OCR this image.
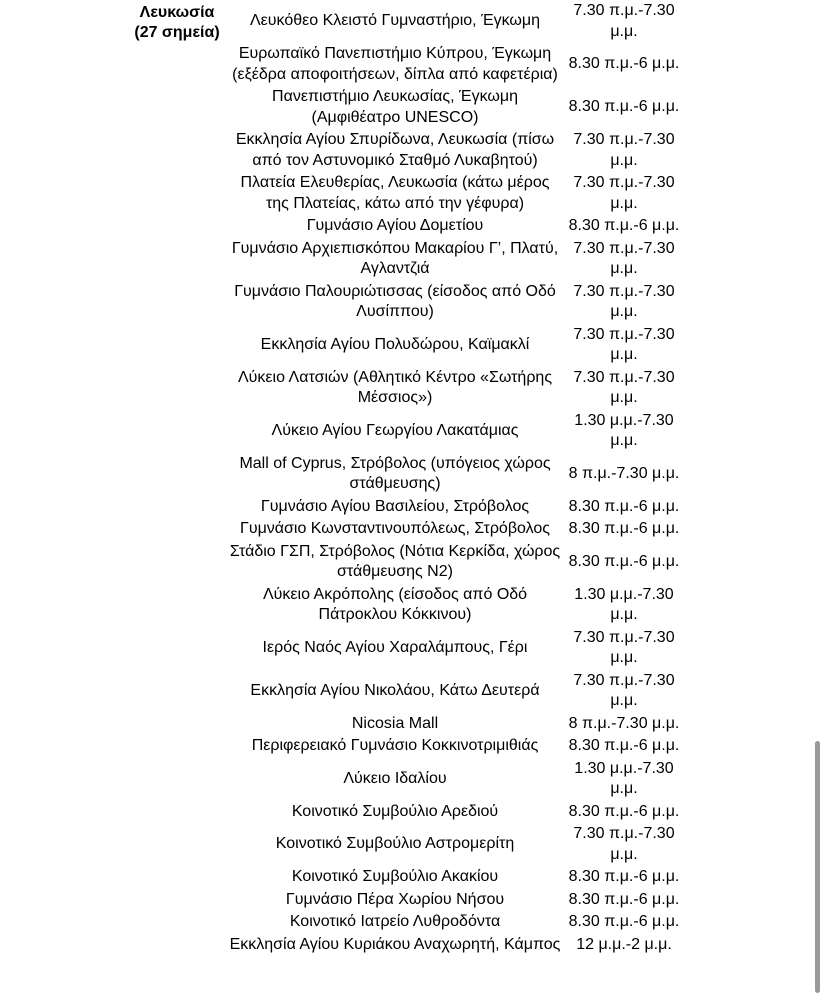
Λευκωσία
(27 σημεία)
Λευκόθεο Κλειστό Γυμναστήριο, Έγκωμη	7.30 π.μ.-7.30 μ.μ.
Ευρωπαϊκό Πανεπιστήμιο Κύπρου, Έγκωμη (εξέδρα αποφοιτήσεων, δίπλα από καφετέρια)	8.30 π.μ.-6 μ.μ.
Πανεπιστήμιο Λευκωσίας, Έγκωμη (Αμφιθέατρο UNESCO)	8.30 π.μ.-6 μ.μ.
Εκκλησία Αγίου Σπυρίδωνα, Λευκωσία (πίσω από τον Αστυνομικό Σταθμό Λυκαβητού)	7.30 π.μ.-7.30 μ.μ.
Πλατεία Ελευθερίας, Λευκωσία (κάτω μέρος της Πλατείας, κάτω από την γέφυρα)	7.30 π.μ.-7.30 μ.μ.
Γυμνάσιο Αγίου Δομετίου	8.30 π.μ.-6 μ.μ.
Γυμνάσιο Αρχιεπισκόπου Μακαρίου Γ’, Πλατύ, Αγλαντζιά	7.30 π.μ.-7.30 μ.μ.
Γυμνάσιο Παλουριώτισσας (είσοδος από Οδό Λυσίππου)	7.30 π.μ.-7.30 μ.μ.
Εκκλησία Αγίου Πολυδώρου, Καϊμακλί	7.30 π.μ.-7.30 μ.μ.
Λύκειο Λατσιών (Αθλητικό Κέντρο «Σωτήρης Μέσσιος»)	7.30 π.μ.-7.30 μ.μ.
Λύκειο Αγίου Γεωργίου Λακατάμιας	1.30 μ.μ.-7.30 μ.μ.
Mall of Cyprus, Στρόβολος (υπόγειος χώρος στάθμευσης)	8 π.μ.-7.30 μ.μ.
Γυμνάσιο Αγίου Βασιλείου, Στρόβολος	8.30 π.μ.-6 μ.μ.
Γυμνάσιο Κωνσταντινουπόλεως, Στρόβολος	8.30 π.μ.-6 μ.μ.
Στάδιο ΓΣΠ, Στρόβολος (Νότια Κερκίδα, χώρος στάθμευσης Ν2)	8.30 π.μ.-6 μ.μ.
Λύκειο Ακρόπολης (είσοδος από Οδό Πάτροκλου Κόκκινου)	1.30 μ.μ.-7.30 μ.μ.
Ιερός Ναός Αγίου Χαραλάμπους, Γέρι	7.30 π.μ.-7.30 μ.μ.
Εκκλησία Αγίου Νικολάου, Κάτω Δευτερά	7.30 π.μ.-7.30 μ.μ.
Nicosia Mall	8 π.μ.-7.30 μ.μ.
Περιφερειακό Γυμνάσιο Κοκκινοτριμιθιάς	8.30 π.μ.-6 μ.μ.
Λύκειο Ιδαλίου	1.30 μ.μ.-7.30 μ.μ.
Κοινοτικό Συμβούλιο Αρεδιού	8.30 π.μ.-6 μ.μ.
Κοινοτικό Συμβούλιο Αστρομερίτη	7.30 π.μ.-7.30 μ.μ.
Κοινοτικό Συμβούλιο Ακακίου	8.30 π.μ.-6 μ.μ.
Γυμνάσιο Πέρα Χωρίου Νήσου	8.30 π.μ.-6 μ.μ.
Κοινοτικό Ιατρείο Λυθροδόντα	8.30 π.μ.-6 μ.μ.
Εκκλησία Αγίου Κυριάκου Αναχωρητή, Κάμπος	12 μ.μ.-2 μ.μ.
